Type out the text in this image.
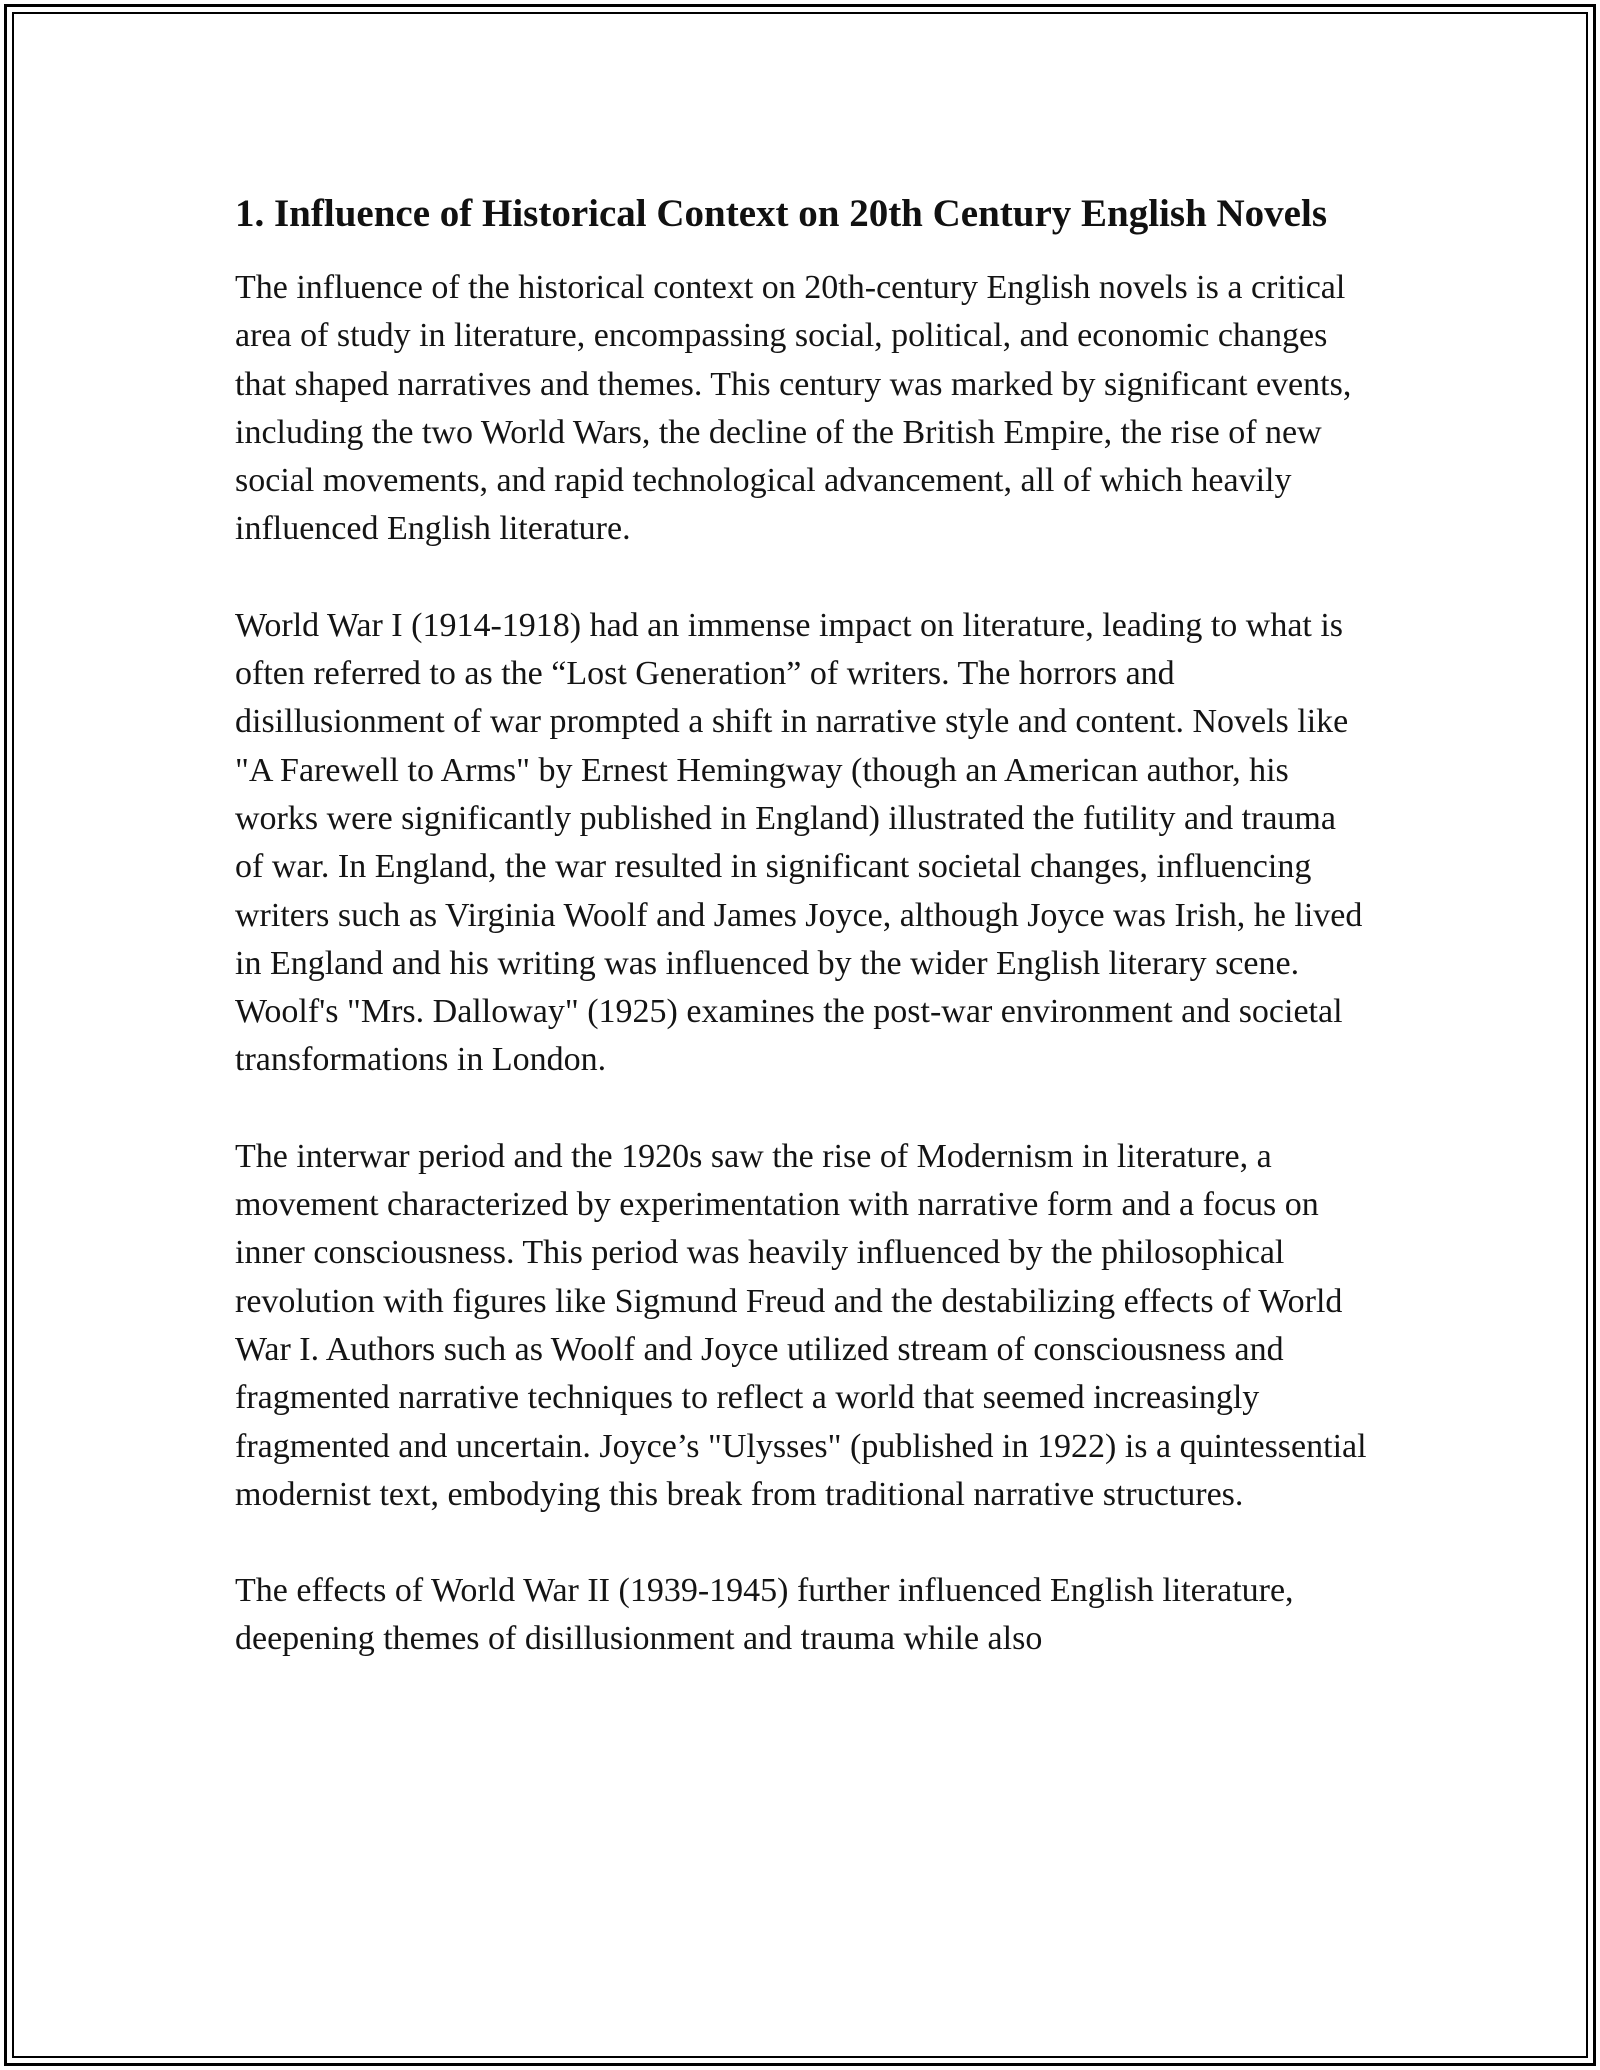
1. Influence of Historical Context on 20th Century English Novels

The influence of the historical context on 20th-century English novels is a critical area of study in literature, encompassing social, political, and economic changes that shaped narratives and themes. This century was marked by significant events, including the two World Wars, the decline of the British Empire, the rise of new social movements, and rapid technological advancement, all of which heavily influenced English literature.

World War I (1914-1918) had an immense impact on literature, leading to what is often referred to as the “Lost Generation” of writers. The horrors and disillusionment of war prompted a shift in narrative style and content. Novels like "A Farewell to Arms" by Ernest Hemingway (though an American author, his works were significantly published in England) illustrated the futility and trauma of war. In England, the war resulted in significant societal changes, influencing writers such as Virginia Woolf and James Joyce, although Joyce was Irish, he lived in England and his writing was influenced by the wider English literary scene. Woolf's "Mrs. Dalloway" (1925) examines the post-war environment and societal transformations in London.

The interwar period and the 1920s saw the rise of Modernism in literature, a movement characterized by experimentation with narrative form and a focus on inner consciousness. This period was heavily influenced by the philosophical revolution with figures like Sigmund Freud and the destabilizing effects of World War I. Authors such as Woolf and Joyce utilized stream of consciousness and fragmented narrative techniques to reflect a world that seemed increasingly fragmented and uncertain. Joyce’s "Ulysses" (published in 1922) is a quintessential modernist text, embodying this break from traditional narrative structures.

The effects of World War II (1939-1945) further influenced English literature, deepening themes of disillusionment and trauma while also
